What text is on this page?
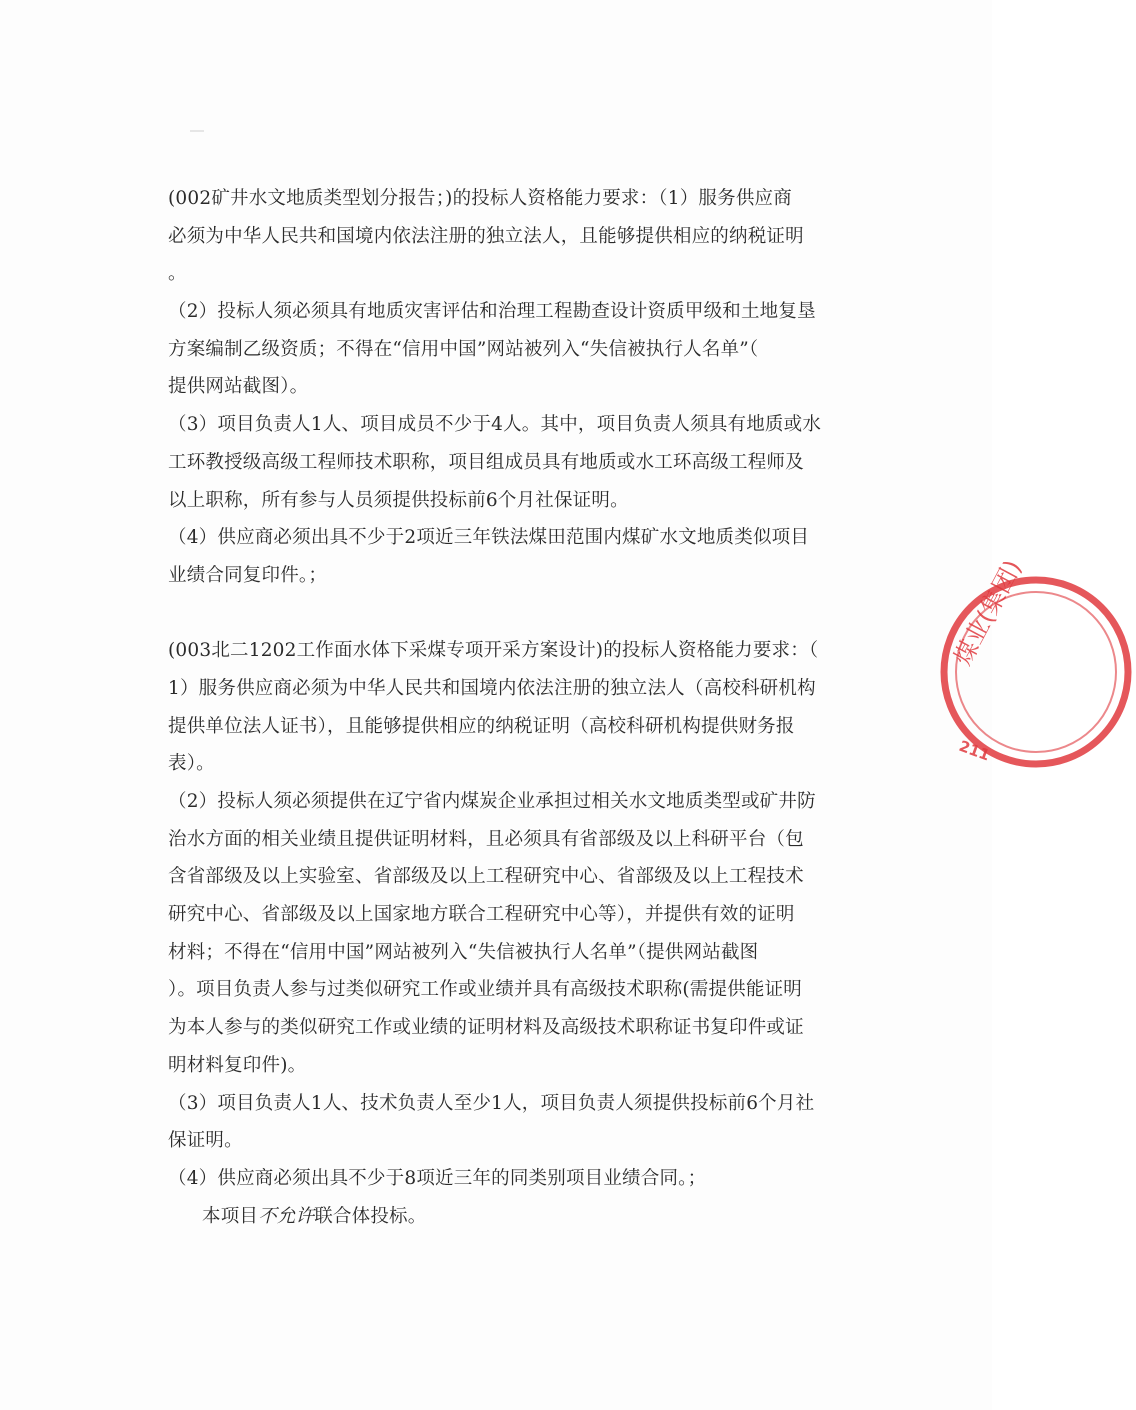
(002矿井水文地质类型划分报告；)的投标人资格能力要求：（1）服务供应商
必须为中华人民共和国境内依法注册的独立法人，且能够提供相应的纳税证明
。
（2）投标人须必须具有地质灾害评估和治理工程勘查设计资质甲级和土地复垦
方案编制乙级资质；不得在“信用中国”网站被列入“失信被执行人名单”（
提供网站截图）。
（3）项目负责人1人、项目成员不少于4人。其中，项目负责人须具有地质或水
工环教授级高级工程师技术职称，项目组成员具有地质或水工环高级工程师及
以上职称，所有参与人员须提供投标前6个月社保证明。
（4）供应商必须出具不少于2项近三年铁法煤田范围内煤矿水文地质类似项目
业绩合同复印件。；
(003北二1202工作面水体下采煤专项开采方案设计)的投标人资格能力要求：（
1）服务供应商必须为中华人民共和国境内依法注册的独立法人（高校科研机构
提供单位法人证书），且能够提供相应的纳税证明（高校科研机构提供财务报
表）。
（2）投标人须必须提供在辽宁省内煤炭企业承担过相关水文地质类型或矿井防
治水方面的相关业绩且提供证明材料，且必须具有省部级及以上科研平台（包
含省部级及以上实验室、省部级及以上工程研究中心、省部级及以上工程技术
研究中心、省部级及以上国家地方联合工程研究中心等），并提供有效的证明
材料；不得在“信用中国”网站被列入“失信被执行人名单”（提供网站截图
）。项目负责人参与过类似研究工作或业绩并具有高级技术职称(需提供能证明
为本人参与的类似研究工作或业绩的证明材料及高级技术职称证书复印件或证
明材料复印件)。
（3）项目负责人1人、技术负责人至少1人，项目负责人须提供投标前6个月社
保证明。
（4）供应商必须出具不少于8项近三年的同类别项目业绩合同。；
本项目不允许联合体投标。
煤业(集团)
211
